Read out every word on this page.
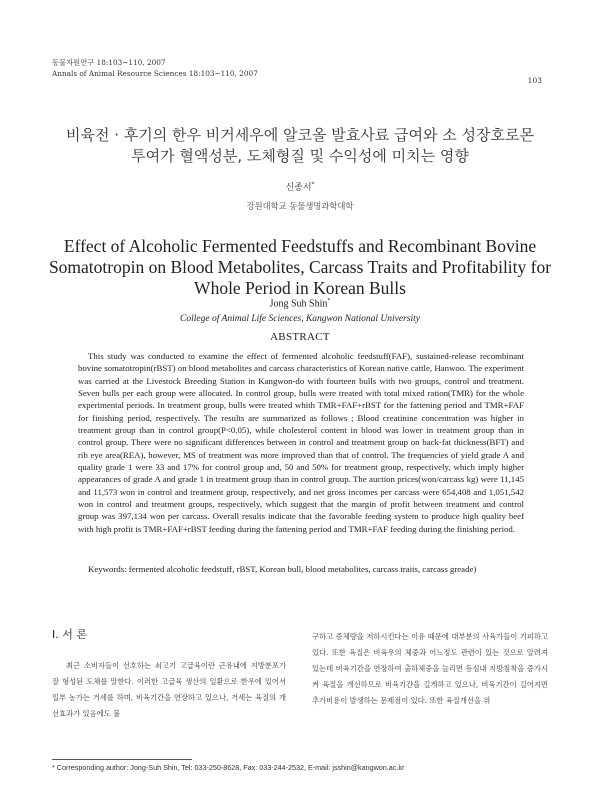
동물자원연구 18:103~110, 2007
Annals of Animal Resource Sciences 18:103~110, 2007
103
비육전 · 후기의 한우 비거세우에 알코올 발효사료 급여와 소 성장호로몬
투여가 혈액성분, 도체형질 및 수익성에 미치는 영향
신종서*
강원대학교 동물생명과학대학
Effect of Alcoholic Fermented Feedstuffs and Recombinant Bovine Somatotropin on Blood Metabolites, Carcass Traits and Profitability for Whole Period in Korean Bulls
Jong Suh Shin*
College of Animal Life Sciences, Kangwon National University
ABSTRACT

This study was conducted to examine the effect of fermented alcoholic feedstuff(FAF), sustained-release recombinant bovine somatotropin(rBST) on blood metabolites and carcass characteristics of Korean native cattle, Hanwoo. The experiment was carried at the Livestock Breeding Station in Kangwon-do with fourteen bulls with two groups, control and treatment. Seven bulls per each group were allocated. In control group, bulls were treated with total mixed ration(TMR) for the whole experimental periods. In treatment group, bulls were treated whith TMR+FAF+rBST for the fattening period and TMR+FAF for finishing period, respectively. The results are summarized as follows ; Blood creatinine concentration was higher in treatment group than in control group(P<0.05), while cholesterol content in blood was lower in treatment group than in control group. There were no significant differences between in control and treatment group on back-fat thickness(BFT) and rib eye area(REA), however, MS of treatment was more improved than that of control. The frequencies of yield grade A and quality grade 1 were 33 and 17% for control group and, 50 and 50% for treatment group, respectively, which imply higher appearances of grade A and grade 1 in treatment group than in control group. The auction prices(won/carcass kg) were 11,145 and 11,573 won in control and treatment group, respectively, and net gross incomes per carcass were 654,408 and 1,051,542 won in control and treatment groups, respectively, which suggest that the margin of profit between treatment and control group was 397,134 won per carcass. Overall results indicate that the favorable feeding system to produce high quality beef with high profit is TMR+FAF+rBST feeding during the fattening period and TMR+FAF feeding during the finishing period.

Keywords: fermented alcoholic feedstuff, rBST, Korean bull, blood metabolites, carcass traits, carcass greade)
Ⅰ. 서 론

최근 소비자들이 선호하는 쇠고기 고급육이란 근유내에 지방분포가 잘 형성된 도체를 말한다. 이러한 고급육 생산의 일환으로 한우에 있어서 일부 농가는 거세를 하며, 비육기간을 연장하고 있으나, 거세는 육질의 개선효과가 있음에도 불

구하고 증체량을 저하시킨다는 이유 때문에 대부분의 사육가들이 기피하고 있다. 또한 육질은 비육우의 체중과 어느정도 관련이 있는 것으로 알려져 있는데 비육기간을 연장하여 출하체중을 늘리면 등심내 지방침착을 증가시켜 육질을 개선하므로 비육기간을 길게하고 있으나, 비육기간이 길어지면 추가비용이 발생하는 문제점이 있다. 또한 육질개선을 위

* Corresponding author: Jong-Suh Shin, Tel: 033-250-8628, Fax: 033-244-2532, E-mail: jsshin@kangwon.ac.kr
